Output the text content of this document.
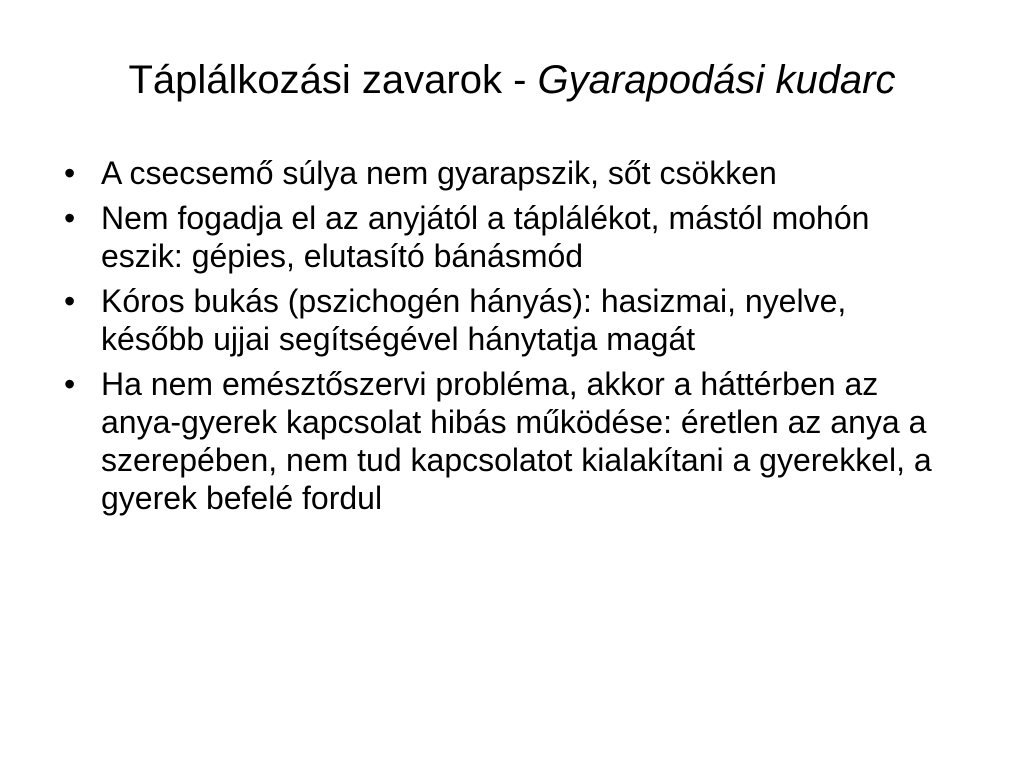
Táplálkozási zavarok - Gyarapodási kudarc
• A csecsemő súlya nem gyarapszik, sőt csökken
• Nem fogadja el az anyjától a táplálékot, mástól mohón eszik: gépies, elutasító bánásmód
• Kóros bukás (pszichogén hányás): hasizmai, nyelve, később ujjai segítségével hánytatja magát
• Ha nem emésztőszervi probléma, akkor a háttérben az anya-gyerek kapcsolat hibás működése: éretlen az anya a szerepében, nem tud kapcsolatot kialakítani a gyerekkel, a gyerek befelé fordul
